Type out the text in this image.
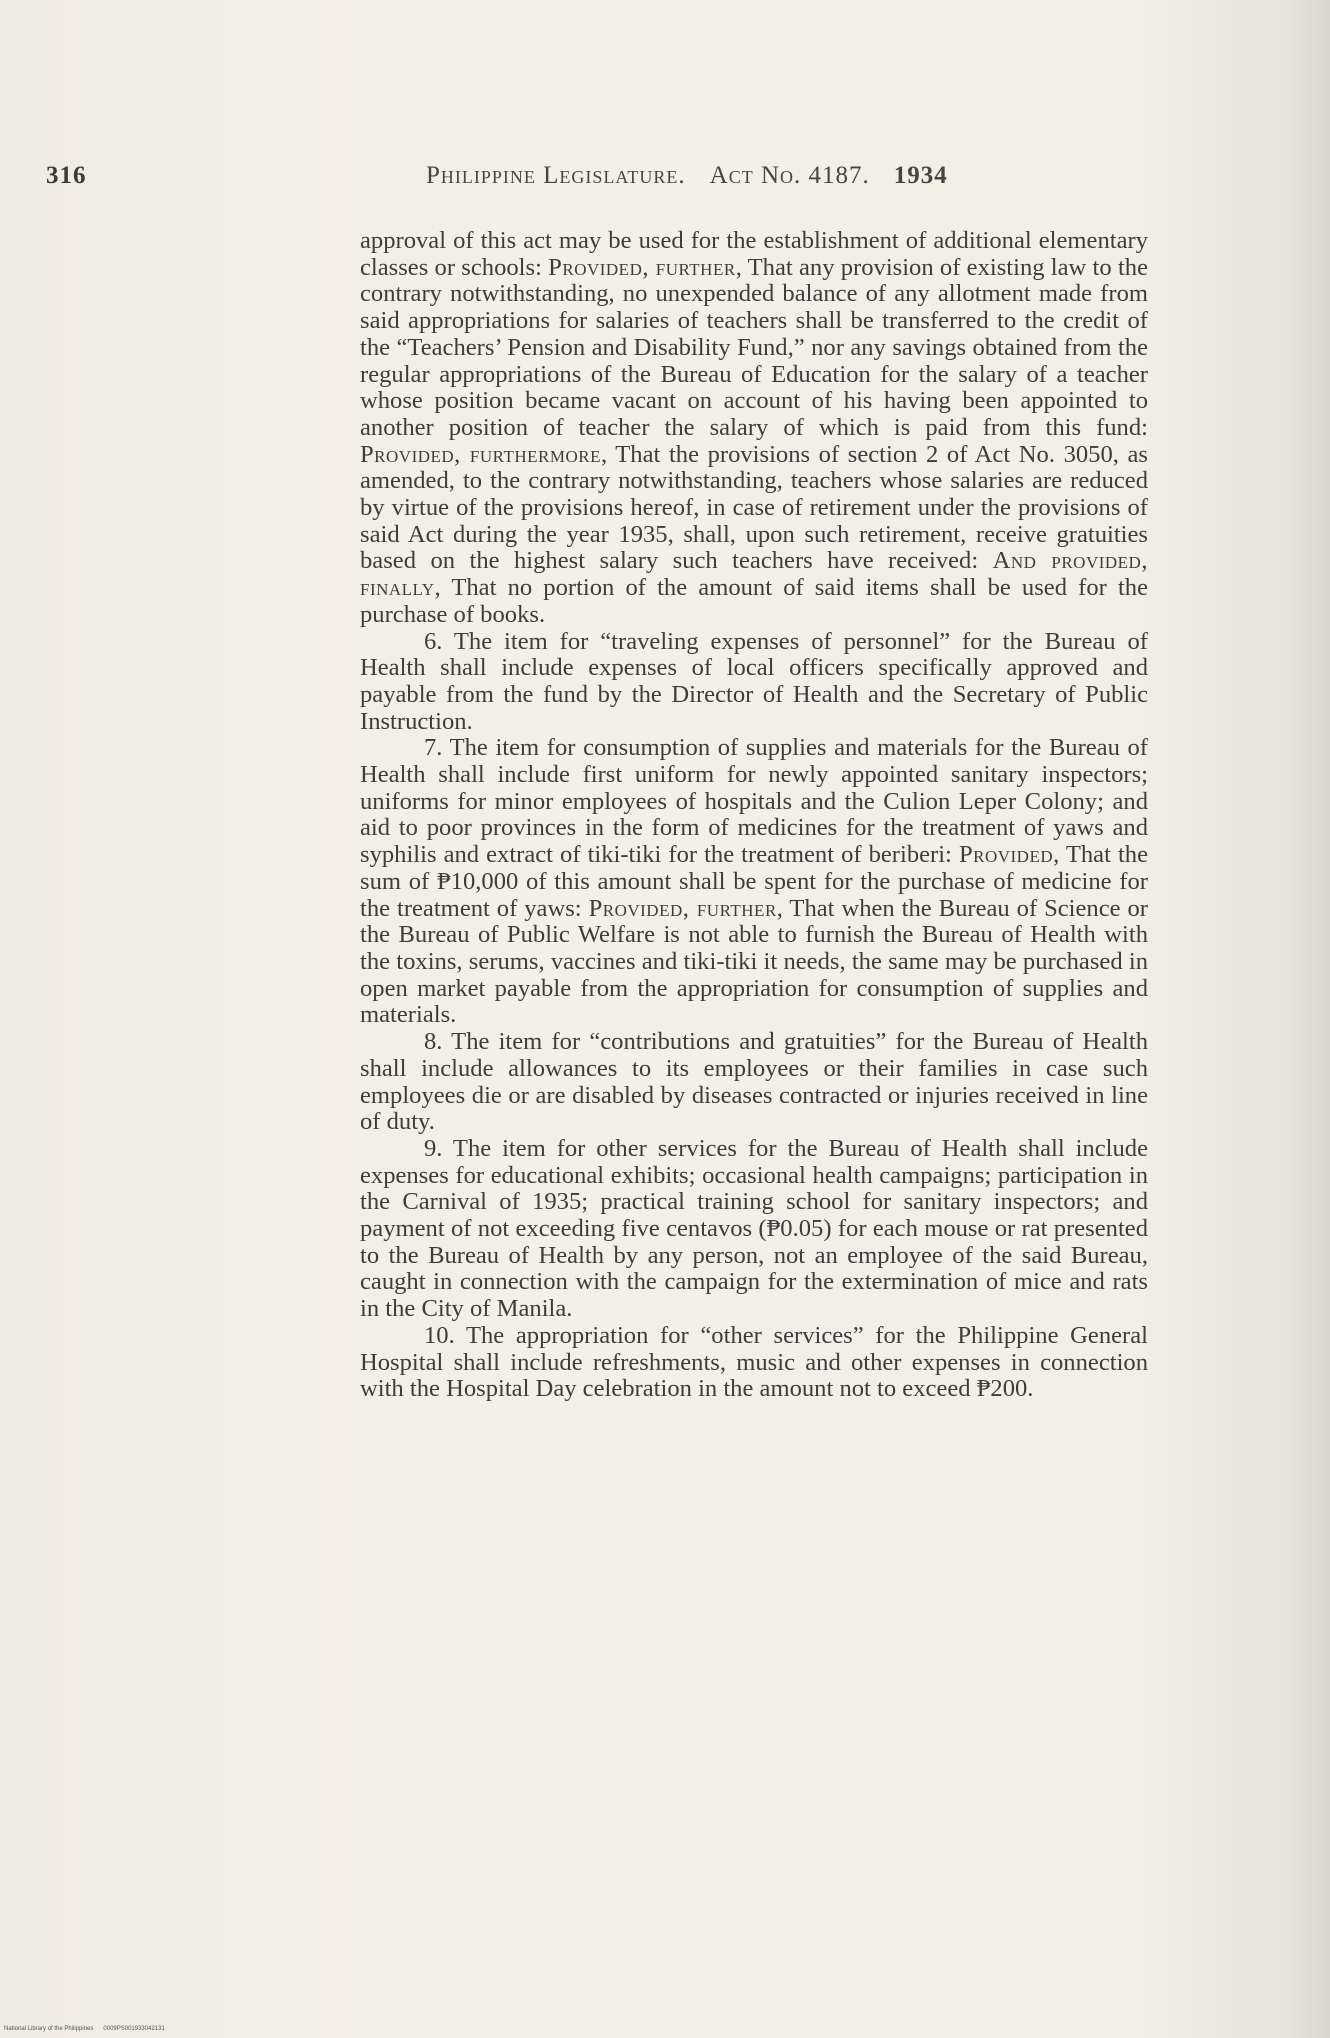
316	Philippine Legislature. Act No. 4187. 1934

approval of this act may be used for the establishment of additional elementary classes or schools: Provided, further, That any provision of existing law to the contrary notwithstanding, no unexpended balance of any allotment made from said appropriations for salaries of teachers shall be transferred to the credit of the “Teachers’ Pension and Disability Fund,” nor any savings obtained from the regular appropriations of the Bureau of Education for the salary of a teacher whose position became vacant on account of his having been appointed to another position of teacher the salary of which is paid from this fund: Provided, furthermore, That the provisions of section 2 of Act No. 3050, as amended, to the contrary notwithstanding, teachers whose salaries are reduced by virtue of the provisions hereof, in case of retirement under the provisions of said Act during the year 1935, shall, upon such retirement, receive gratuities based on the highest salary such teachers have received: And provided, finally, That no portion of the amount of said items shall be used for the purchase of books.

6. The item for “traveling expenses of personnel” for the Bureau of Health shall include expenses of local officers specifically approved and payable from the fund by the Director of Health and the Secretary of Public Instruction.

7. The item for consumption of supplies and materials for the Bureau of Health shall include first uniform for newly appointed sanitary inspectors; uniforms for minor employees of hospitals and the Culion Leper Colony; and aid to poor provinces in the form of medicines for the treatment of yaws and syphilis and extract of tiki-tiki for the treatment of beriberi: Provided, That the sum of ₱10,000 of this amount shall be spent for the purchase of medicine for the treatment of yaws: Provided, further, That when the Bureau of Science or the Bureau of Public Welfare is not able to furnish the Bureau of Health with the toxins, serums, vaccines and tiki-tiki it needs, the same may be purchased in open market payable from the appropriation for consumption of supplies and materials.

8. The item for “contributions and gratuities” for the Bureau of Health shall include allowances to its employees or their families in case such employees die or are disabled by diseases contracted or injuries received in line of duty.

9. The item for other services for the Bureau of Health shall include expenses for educational exhibits; occasional health campaigns; participation in the Carnival of 1935; practical training school for sanitary inspectors; and payment of not exceeding five centavos (₱0.05) for each mouse or rat presented to the Bureau of Health by any person, not an employee of the said Bureau, caught in connection with the campaign for the extermination of mice and rats in the City of Manila.

10. The appropriation for “other services” for the Philippine General Hospital shall include refreshments, music and other expenses in connection with the Hospital Day celebration in the amount not to exceed ₱200.

National Library of the Philippines 0009PS001933042131
